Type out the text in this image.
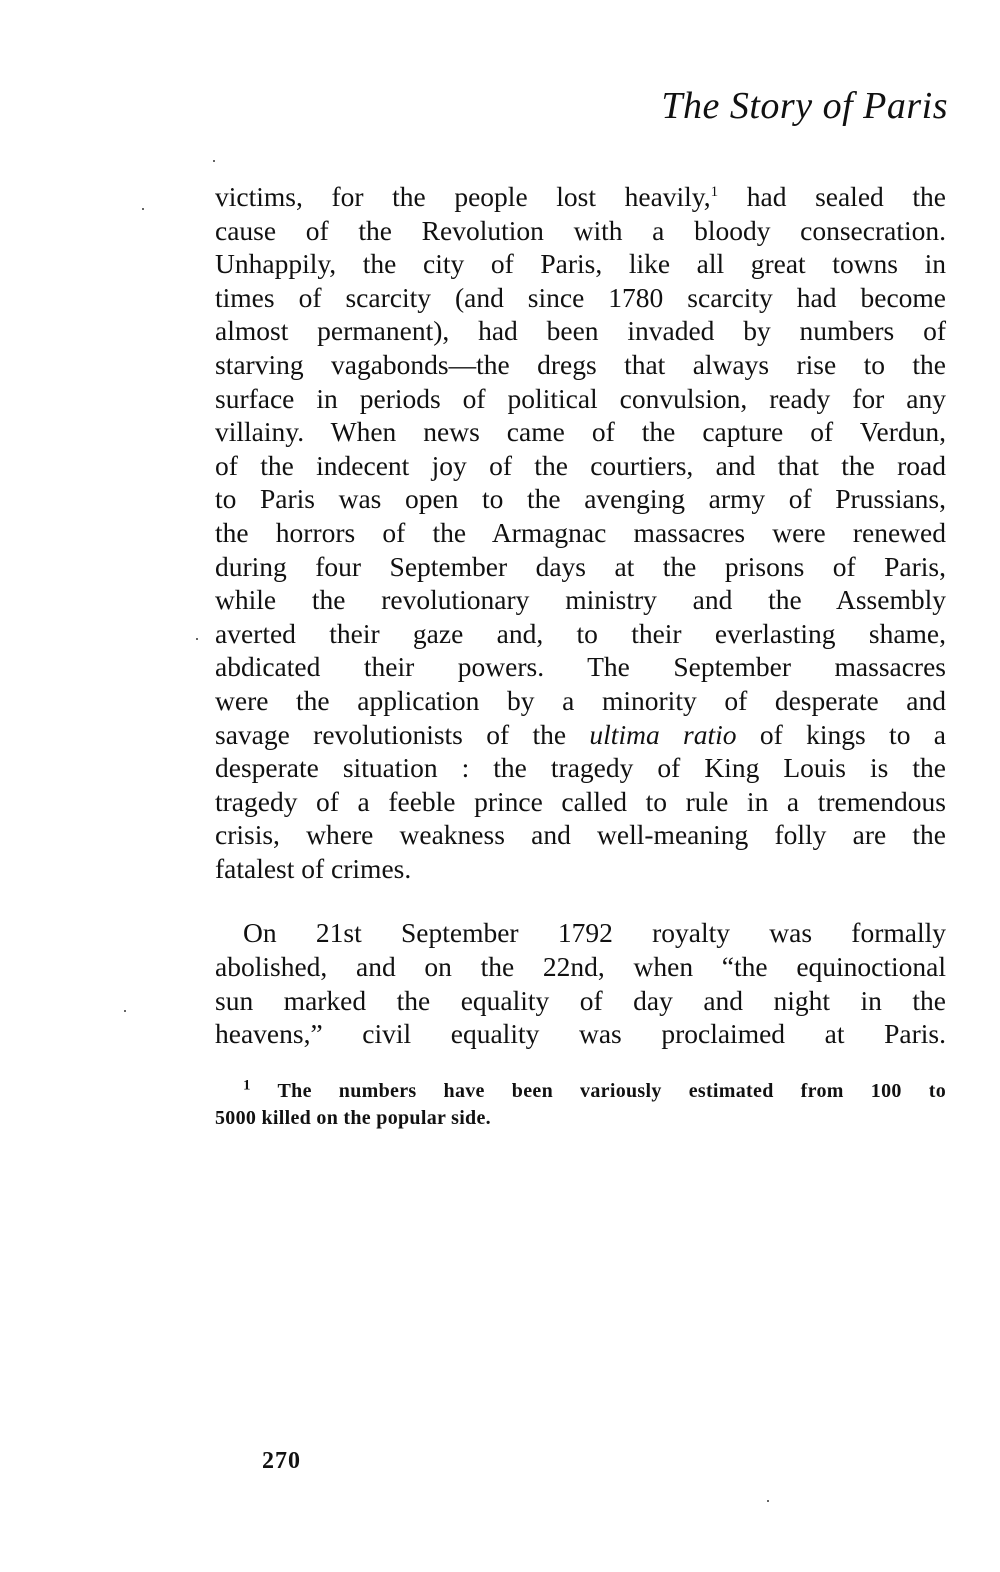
The Story of Paris
victims, for the people lost heavily,$^1$ had sealed the
cause of the Revolution with a bloody consecration.
Unhappily, the city of Paris, like all great towns in
times of scarcity (and since 1780 scarcity had become
almost permanent), had been invaded by numbers of
starving vagabonds—the dregs that always rise to the
surface in periods of political convulsion, ready for any
villainy. When news came of the capture of Verdun,
of the indecent joy of the courtiers, and that the road
to Paris was open to the avenging army of Prussians,
the horrors of the Armagnac massacres were renewed
during four September days at the prisons of Paris,
while the revolutionary ministry and the Assembly
averted their gaze and, to their everlasting shame,
abdicated their powers. The September massacres
were the application by a minority of desperate and
savage revolutionists of the ultima ratio of kings to a
desperate situation : the tragedy of King Louis is the
tragedy of a feeble prince called to rule in a tremendous
crisis, where weakness and well-meaning folly are the
fatalest of crimes.
On 21st September 1792 royalty was formally
abolished, and on the 22nd, when “the equinoctional
sun marked the equality of day and night in the
heavens,” civil equality was proclaimed at Paris.
$^1$ The numbers have been variously estimated from 100 to
5000 killed on the popular side.
270
